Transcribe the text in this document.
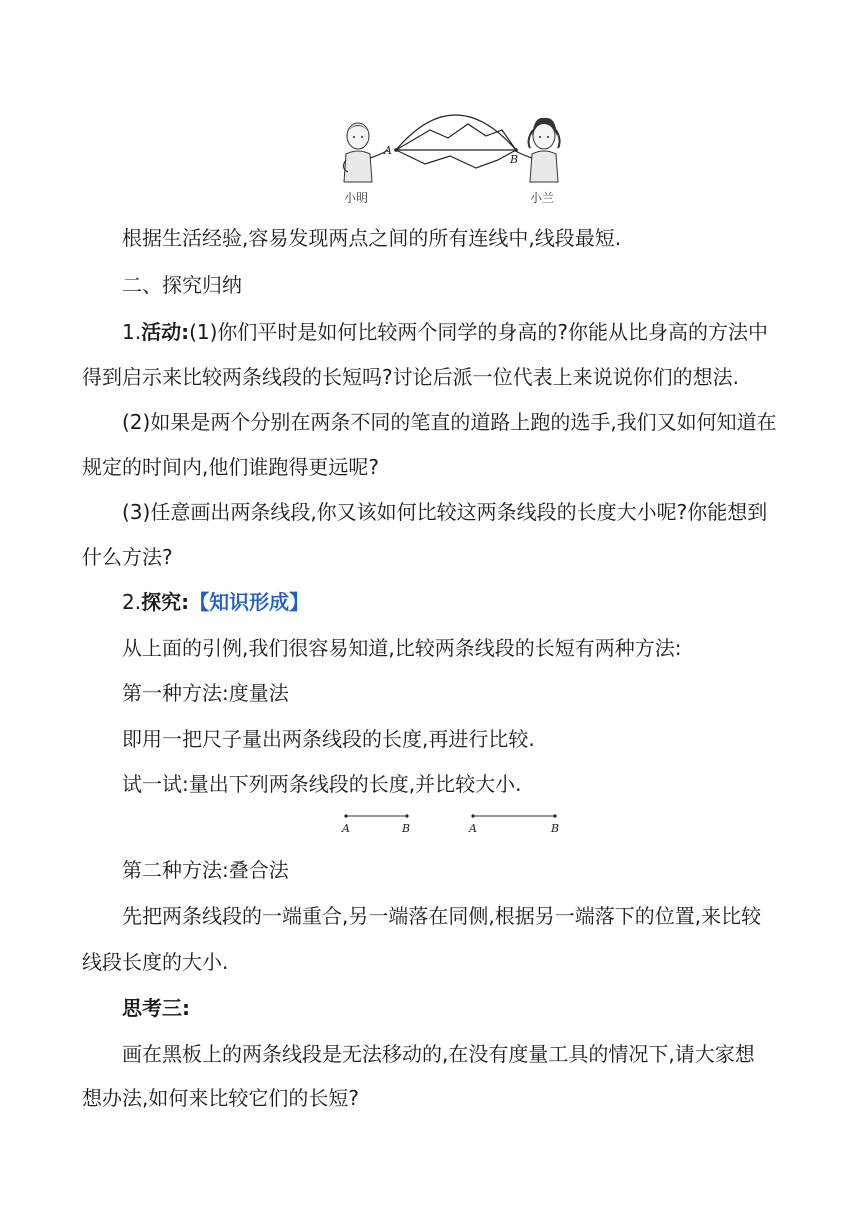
A
B
小明	小兰
根据生活经验,容易发现两点之间的所有连线中,线段最短.
二、探究归纳
1.活动:(1)你们平时是如何比较两个同学的身高的?你能从比身高的方法中
得到启示来比较两条线段的长短吗?讨论后派一位代表上来说说你们的想法.
(2)如果是两个分别在两条不同的笔直的道路上跑的选手,我们又如何知道在
规定的时间内,他们谁跑得更远呢?
(3)任意画出两条线段,你又该如何比较这两条线段的长度大小呢?你能想到
什么方法?
2.探究:【知识形成】
从上面的引例,我们很容易知道,比较两条线段的长短有两种方法:
第一种方法:度量法
即用一把尺子量出两条线段的长度,再进行比较.
试一试:量出下列两条线段的长度,并比较大小.
A	B	A	B
第二种方法:叠合法
先把两条线段的一端重合,另一端落在同侧,根据另一端落下的位置,来比较
线段长度的大小.
思考三:
画在黑板上的两条线段是无法移动的,在没有度量工具的情况下,请大家想
想办法,如何来比较它们的长短?
